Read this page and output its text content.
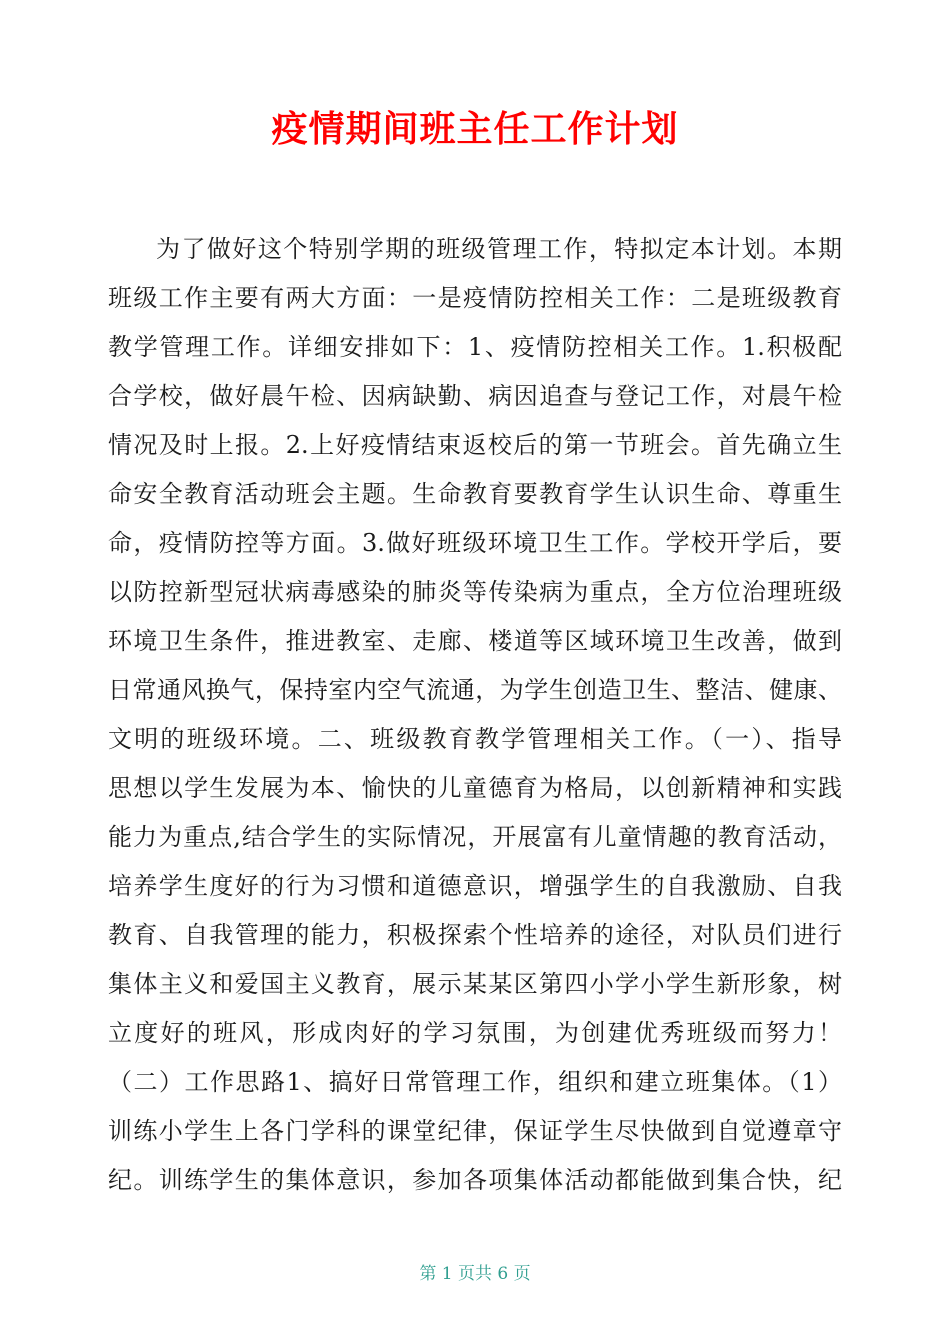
疫情期间班主任工作计划
为了做好这个特别学期的班级管理工作，特拟定本计划。本期
班级工作主要有两大方面：一是疫情防控相关工作：二是班级教育
教学管理工作。详细安排如下：1、疫情防控相关工作。1.积极配
合学校，做好晨午检、因病缺勤、病因追查与登记工作，对晨午检
情况及时上报。2.上好疫情结束返校后的第一节班会。首先确立生
命安全教育活动班会主题。生命教育要教育学生认识生命、尊重生
命，疫情防控等方面。3.做好班级环境卫生工作。学校开学后，要
以防控新型冠状病毒感染的肺炎等传染病为重点，全方位治理班级
环境卫生条件，推进教室、走廊、楼道等区域环境卫生改善，做到
日常通风换气，保持室内空气流通，为学生创造卫生、整洁、健康、
文明的班级环境。二、班级教育教学管理相关工作。（一）、指导
思想以学生发展为本、愉快的儿童德育为格局，以创新精神和实践
能力为重点,结合学生的实际情况，开展富有儿童情趣的教育活动，
培养学生度好的行为习惯和道德意识，增强学生的自我激励、自我
教育、自我管理的能力，积极探索个性培养的途径，对队员们进行
集体主义和爱国主义教育，展示某某区第四小学小学生新形象，树
立度好的班风，形成肉好的学习氛围，为创建优秀班级而努力！
（二）工作思路1、搞好日常管理工作，组织和建立班集体。（1）
训练小学生上各门学科的课堂纪律，保证学生尽快做到自觉遵章守
纪。训练学生的集体意识，参加各项集体活动都能做到集合快，纪
第 1 页共 6 页
